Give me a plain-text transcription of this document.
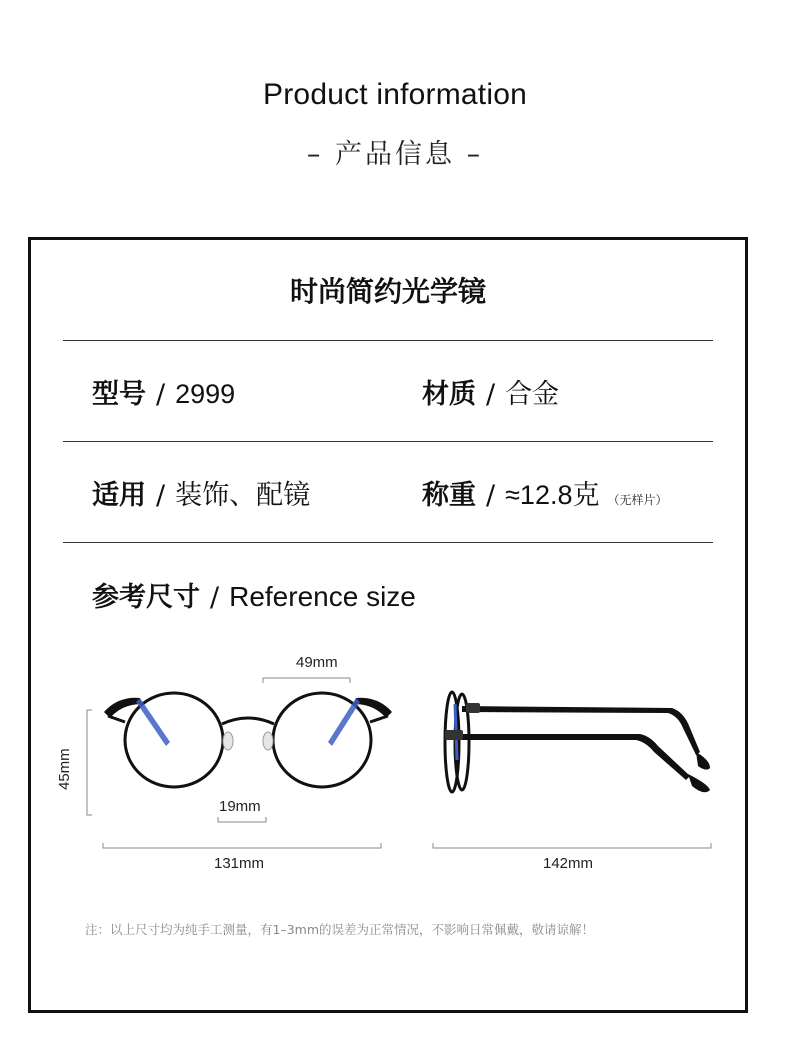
Product information
– 产品信息 –
时尚简约光学镜
型号 / 2999	材质 / 合金
适用 / 装饰、配镜	称重 / ≈12.8克 （无样片）
参考尺寸 / Reference size
49mm
45mm
19mm
131mm	142mm
注：以上尺寸均为纯手工测量，有1–3mm的误差为正常情况，不影响日常佩戴，敬请谅解！
